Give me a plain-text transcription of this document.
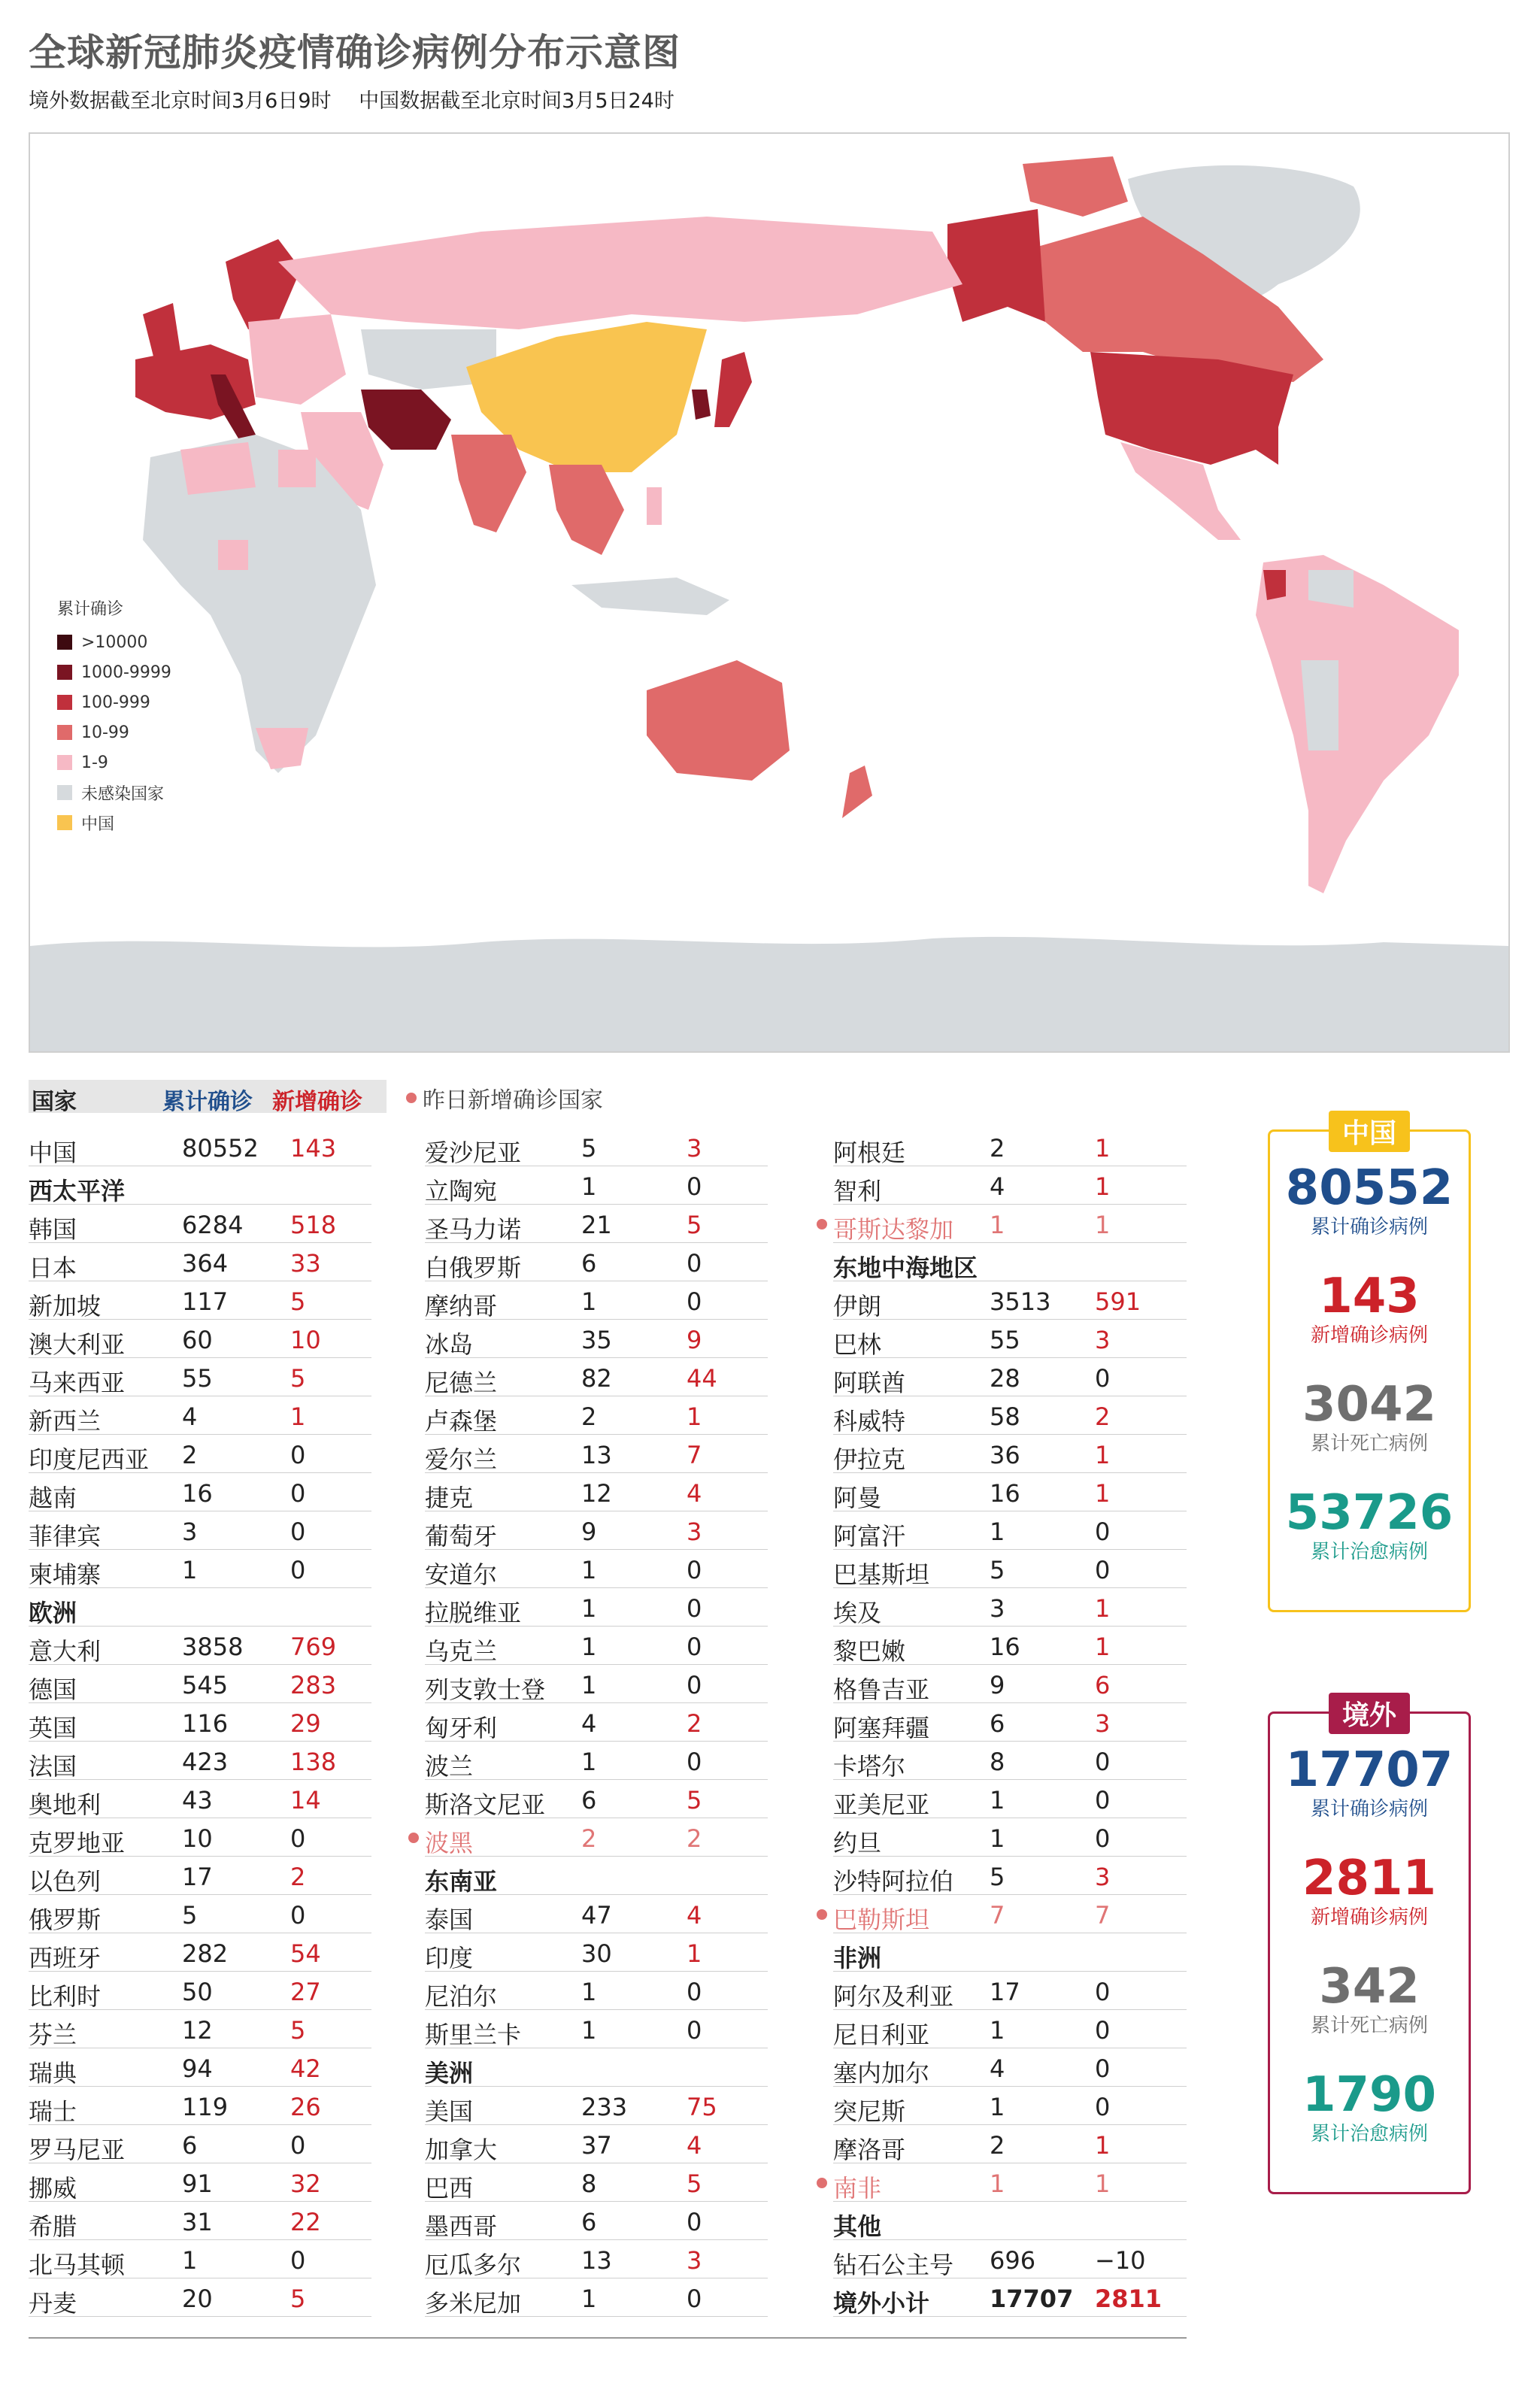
全球新冠肺炎疫情确诊病例分布示意图
境外数据截至北京时间3月6日9时 中国数据截至北京时间3月5日24时
累计确诊
>10000
1000-9999
100-999
10-99
1-9
未感染国家
中国
国家	累计确诊 新增确诊	昨日新增确诊国家
中国	80552 143
西太平洋
韩国	6284 518
日本	364	33
新加坡	117	5
澳大利亚 60	10
马来西亚 55	5
新西兰	4	1
印度尼西亚 2	0
越南	16	0
菲律宾	3	0
柬埔寨	1	0
欧洲
意大利	3858 769
德国	545	283
英国	116	29
法国	423	138
奥地利	43	14
克罗地亚 10	0
以色列	17	2
俄罗斯	5	0
西班牙	282	54
比利时	50	27
芬兰	12	5
瑞典	94	42
瑞士	119	26
罗马尼亚 6	0
挪威	91	32
希腊	31	22
北马其顿 1	0
丹麦	20	5
爱沙尼亚 5	3
立陶宛	1	0
圣马力诺 21	5
白俄罗斯 6	0
摩纳哥	1	0
冰岛	35	9
尼德兰	82	44
卢森堡	2	1
爱尔兰	13	7
捷克	12	4
葡萄牙	9	3
安道尔	1	0
拉脱维亚 1	0
乌克兰	1	0
列支敦士登 1	0
匈牙利	4	2
波兰	1	0
斯洛文尼亚 6	5
波黑	2	2
东南亚
泰国	47	4
印度	30	1
尼泊尔	1	0
斯里兰卡 1	0
美洲
美国	233 75
加拿大	37	4
巴西	8	5
墨西哥	6	0
厄瓜多尔 13	3
多米尼加 1	0
阿根廷	2	1
智利	4	1
哥斯达黎加 1	1
东地中海地区
伊朗	3513 591
巴林	55	3
阿联酋	28	0
科威特	58	2
伊拉克	36	1
阿曼	16	1
阿富汗	1	0
巴基斯坦 5	0
埃及	3	1
黎巴嫩	16	1
格鲁吉亚 9	6
阿塞拜疆 6	3
卡塔尔	8	0
亚美尼亚 1	0
约旦	1	0
沙特阿拉伯 5	3
巴勒斯坦 7	7
非洲
阿尔及利亚 17	0
尼日利亚 1	0
塞内加尔 4	0
突尼斯	1	0
摩洛哥	2	1
南非	1	1
其他
钻石公主号 696 −10
境外小计 17707 2811
中国
80552
累计确诊病例
143
新增确诊病例
3042
累计死亡病例
53726
累计治愈病例
境外
17707
累计确诊病例
2811
新增确诊病例
342
累计死亡病例
1790
累计治愈病例
